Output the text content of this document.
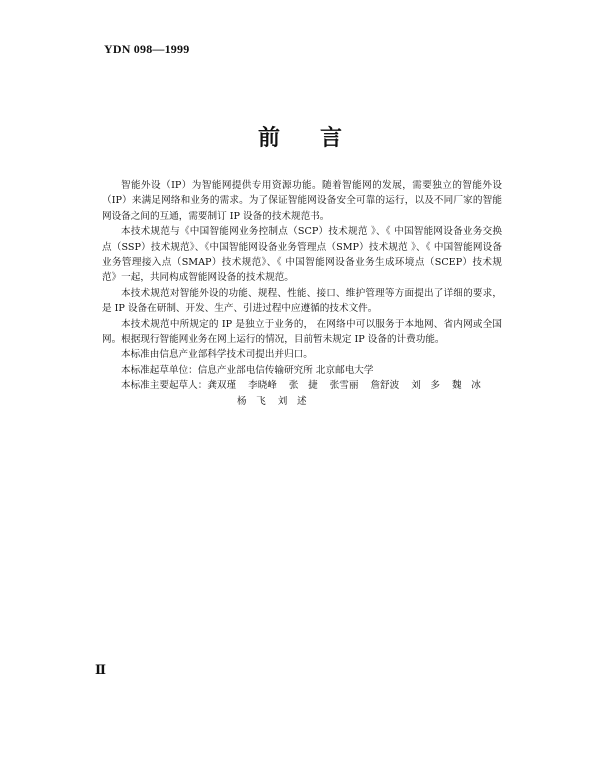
YDN 098—1999
前言

智能外设（IP）为智能网提供专用资源功能。随着智能网的发展，需要独立的智能外设（IP）来满足网络和业务的需求。为了保证智能网设备安全可靠的运行，以及不同厂家的智能网设备之间的互通，需要制订 IP 设备的技术规范书。

本技术规范与《中国智能网业务控制点（SCP）技术规范 》、《 中国智能网设备业务交换点（SSP）技术规范》、《中国智能网设备业务管理点（SMP）技术规范 》、《 中国智能网设备业务管理接入点（SMAP）技术规范》、《 中国智能网设备业务生成环境点（SCEP）技术规范》一起，共同构成智能网设备的技术规范。

本技术规范对智能外设的功能、规程、性能、接口、维护管理等方面提出了详细的要求，是 IP 设备在研制、开发、生产、引进过程中应遵循的技术文件。

本技术规范中所规定的 IP 是独立于业务的， 在网络中可以服务于本地网、省内网或全国网。根据现行智能网业务在网上运行的情况，目前暂未规定 IP 设备的计费功能。

本标准由信息产业部科学技术司提出并归口。

本标准起草单位：信息产业部电信传输研究所 北京邮电大学

本标准主要起草人：龚双瑾 李晓峰 张　捷 张雪丽 詹舒波 刘　多 魏　冰

杨　飞 刘　述

Ⅱ
